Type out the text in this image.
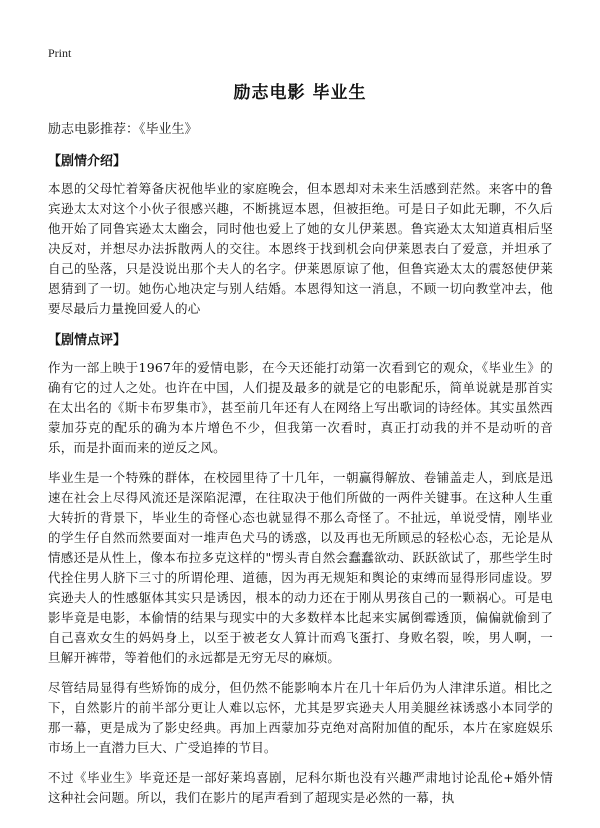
Print
励志电影 毕业生

励志电影推荐：《毕业生》

【剧情介绍】

本恩的父母忙着筹备庆祝他毕业的家庭晚会，但本恩却对未来生活感到茫然。来客中的鲁宾逊太太对这个小伙子很感兴趣，不断挑逗本恩，但被拒绝。可是日子如此无聊，不久后他开始了同鲁宾逊太太幽会，同时他也爱上了她的女儿伊莱恩。鲁宾逊太太知道真相后坚决反对，并想尽办法拆散两人的交往。本恩终于找到机会向伊莱恩表白了爱意，并坦承了自己的坠落，只是没说出那个夫人的名字。伊莱恩原谅了他，但鲁宾逊太太的震怒使伊莱恩猜到了一切。她伤心地决定与别人结婚。本恩得知这一消息，不顾一切向教堂冲去，他要尽最后力量挽回爱人的心

【剧情点评】

作为一部上映于1967年的爱情电影，在今天还能打动第一次看到它的观众，《毕业生》的确有它的过人之处。也许在中国，人们提及最多的就是它的电影配乐，简单说就是那首实在太出名的《斯卡布罗集市》，甚至前几年还有人在网络上写出歌词的诗经体。其实虽然西蒙加芬克的配乐的确为本片增色不少，但我第一次看时，真正打动我的并不是动听的音乐，而是扑面而来的逆反之风。

毕业生是一个特殊的群体，在校园里待了十几年，一朝赢得解放、卷铺盖走人，到底是迅速在社会上尽得风流还是深陷泥潭，在往取决于他们所做的一两件关键事。在这种人生重大转折的背景下，毕业生的奇怪心态也就显得不那么奇怪了。不扯远，单说受情，刚毕业的学生仔自然而然要面对一堆声色犬马的诱惑，以及再也无所顾忌的轻松心态，无论是从情感还是从性上，像本布拉多克这样的"愣头青自然会蠢蠢欲动、跃跃欲试了，那些学生时代拴住男人脐下三寸的所谓伦理、道德，因为再无规矩和舆论的束缚而显得形同虚设。罗宾逊夫人的性感躯体其实只是诱因，根本的动力还在于刚从男孩自己的一颗祸心。可是电影毕竟是电影，本偷情的结果与现实中的大多数样本比起来实属倒霉透顶，偏偏就偷到了自己喜欢女生的妈妈身上，以至于被老女人算计而鸡飞蛋打、身败名裂，唉，男人啊，一旦解开裤带，等着他们的永远都是无穷无尽的麻烦。

尽管结局显得有些矫饰的成分，但仍然不能影响本片在几十年后仍为人津津乐道。相比之下，自然影片的前半部分更让人难以忘怀，尤其是罗宾逊夫人用美腿丝袜诱惑小本同学的那一幕，更是成为了影史经典。再加上西蒙加芬克绝对高附加值的配乐，本片在家庭娱乐市场上一直潜力巨大、广受追捧的节目。

不过《毕业生》毕竟还是一部好莱坞喜剧，尼科尔斯也没有兴趣严肃地讨论乱伦+婚外情这种社会问题。所以，我们在影片的尾声看到了超现实是必然的一幕，执
